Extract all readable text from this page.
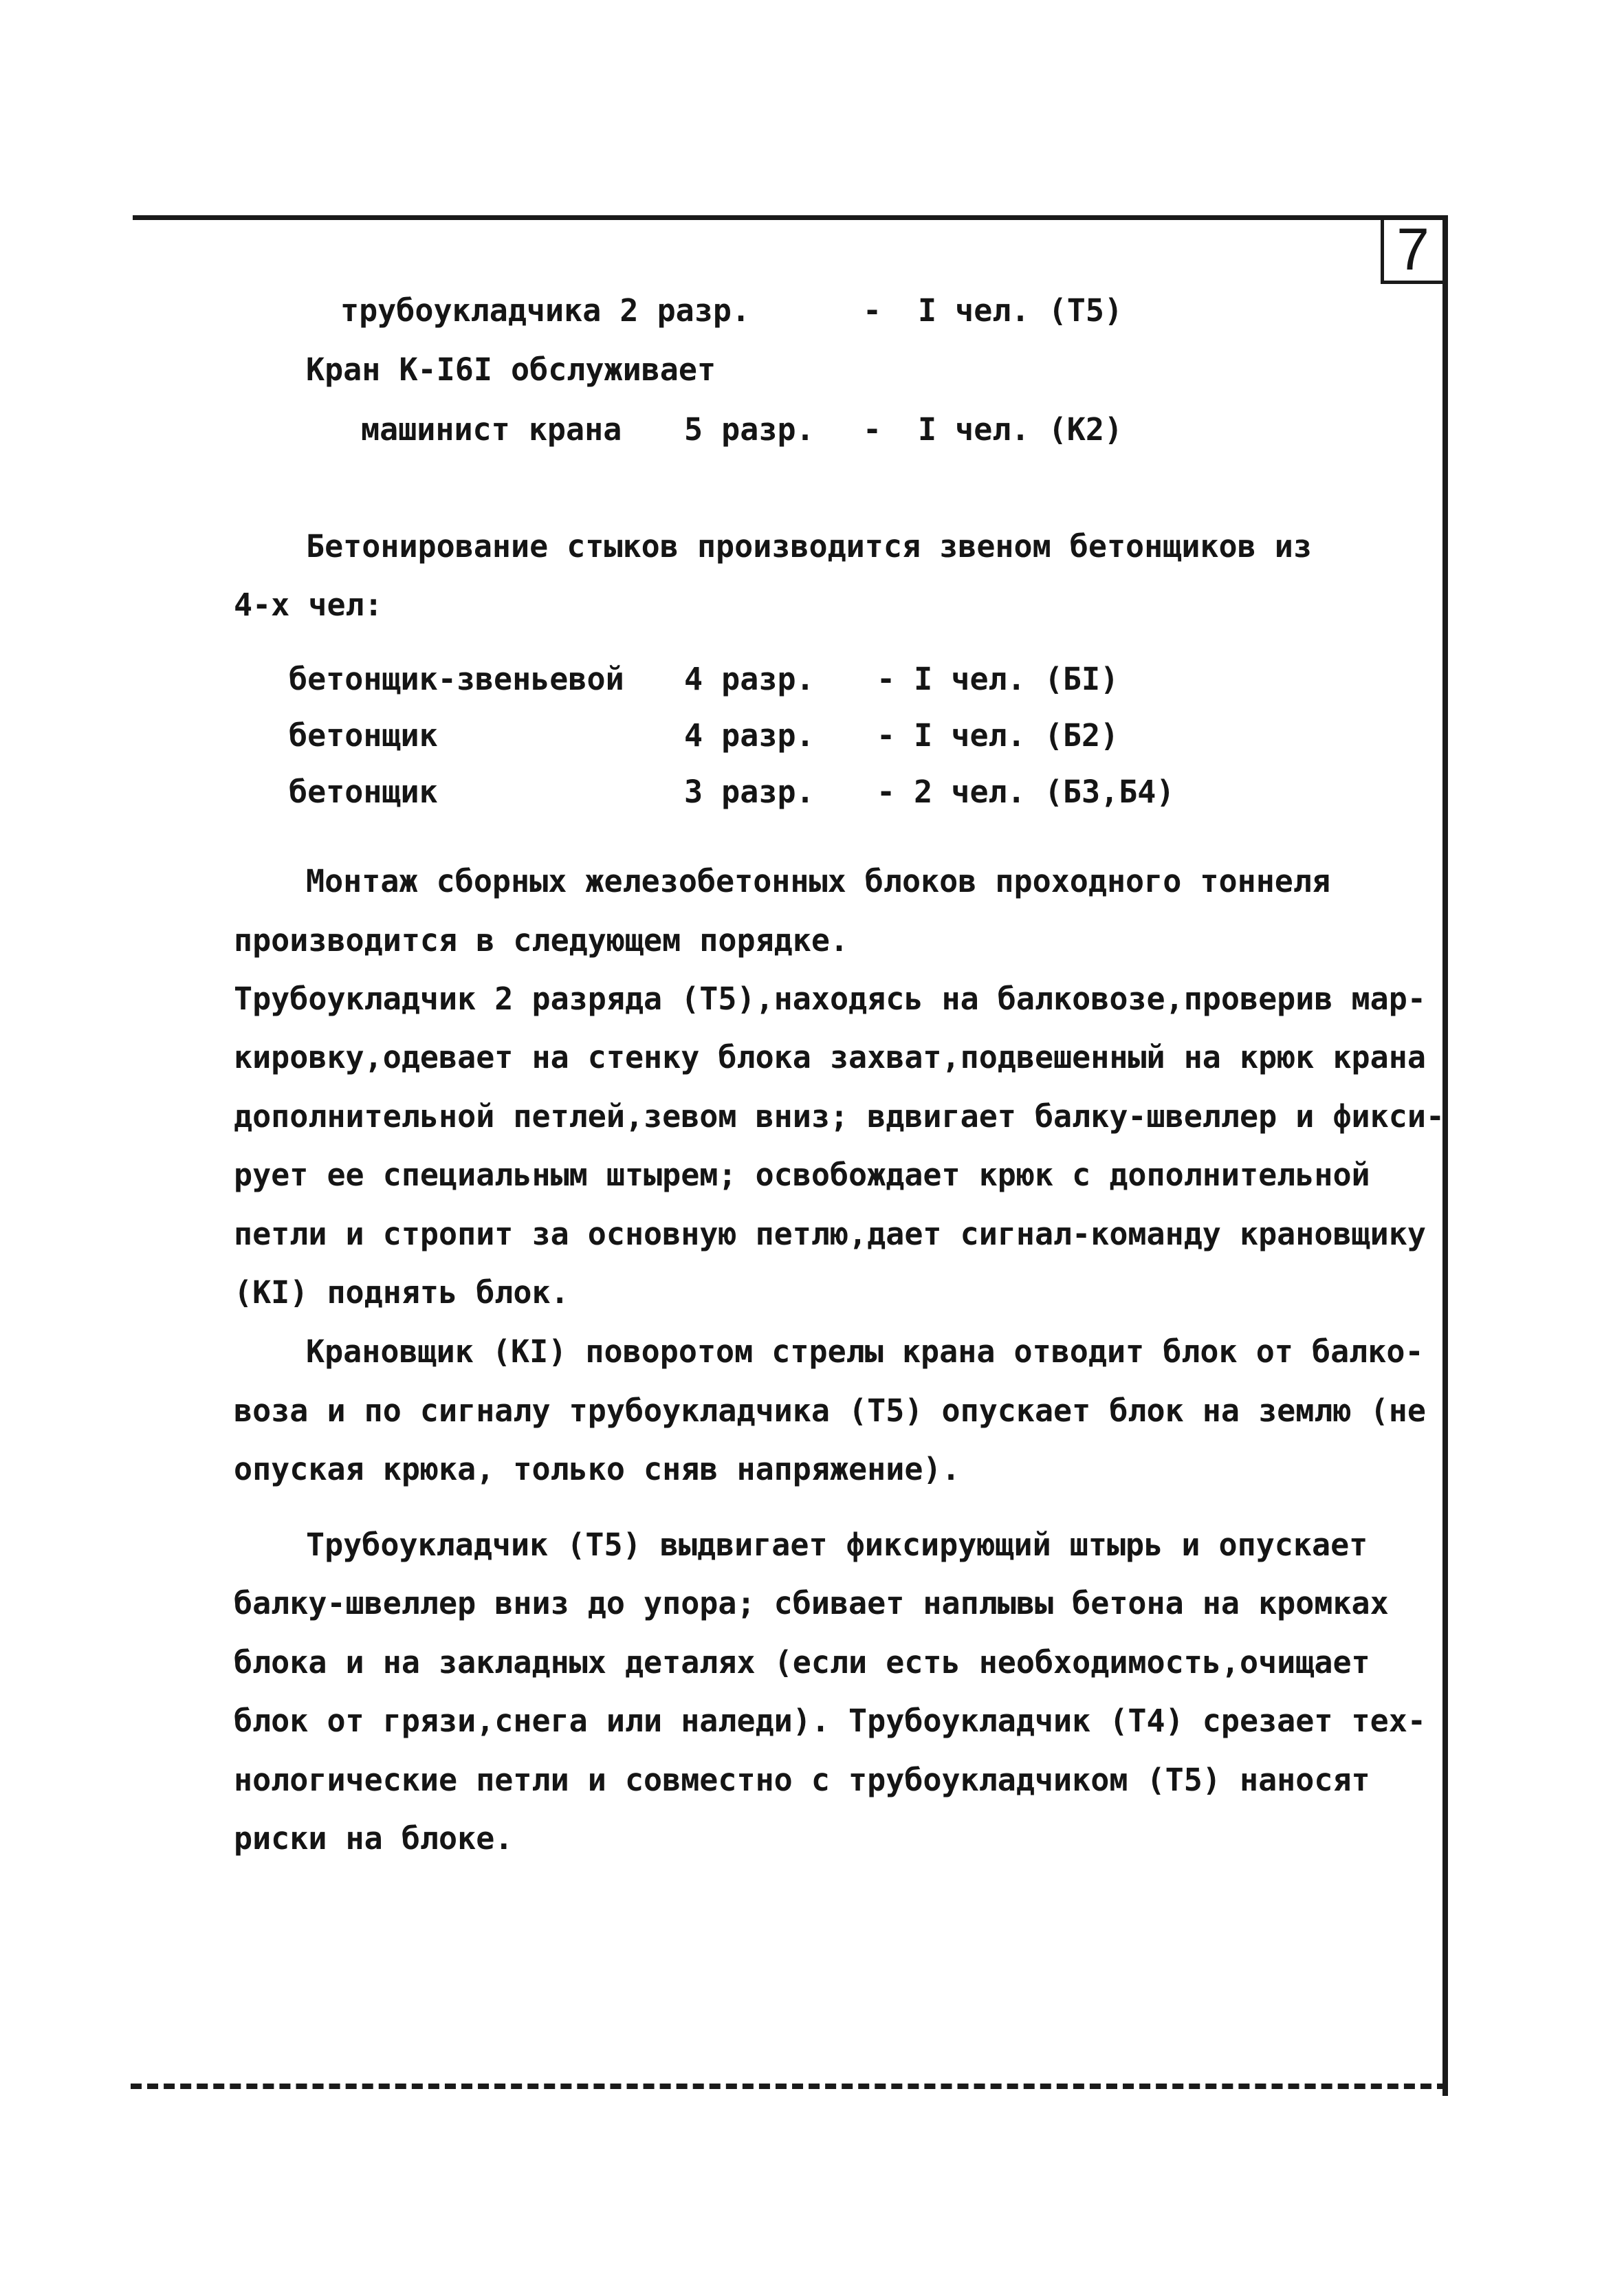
7
трубоукладчика 2 разр.	- I чел. (Т5)
Кран К-I6I обслуживает
машинист крана 5 разр. - I чел. (К2)
Бетонирование стыков производится звеном бетонщиков из
4-х чел:
бетонщик-звеньевой 4 разр. - I чел. (БI)
бетонщик	4 разр. - I чел. (Б2)
бетонщик	3 разр. - 2 чел. (Б3,Б4)
Монтаж сборных железобетонных блоков проходного тоннеля
производится в следующем порядке.
Трубоукладчик 2 разряда (Т5),находясь на балковозе,проверив мар-
кировку,одевает на стенку блока захват,подвешенный на крюк крана
дополнительной петлей,зевом вниз; вдвигает балку-швеллер и фикси-
рует ее специальным штырем; освобождает крюк с дополнительной
петли и стропит за основную петлю,дает сигнал-команду крановщику
(КI) поднять блок.
Крановщик (КI) поворотом стрелы крана отводит блок от балко-
воза и по сигналу трубоукладчика (Т5) опускает блок на землю (не
опуская крюка, только сняв напряжение).
Трубоукладчик (Т5) выдвигает фиксирующий штырь и опускает
балку-швеллер вниз до упора; сбивает наплывы бетона на кромках
блока и на закладных деталях (если есть необходимость,очищает
блок от грязи,снега или наледи). Трубоукладчик (Т4) срезает тех-
нологические петли и совместно с трубоукладчиком (Т5) наносят
риски на блоке.
